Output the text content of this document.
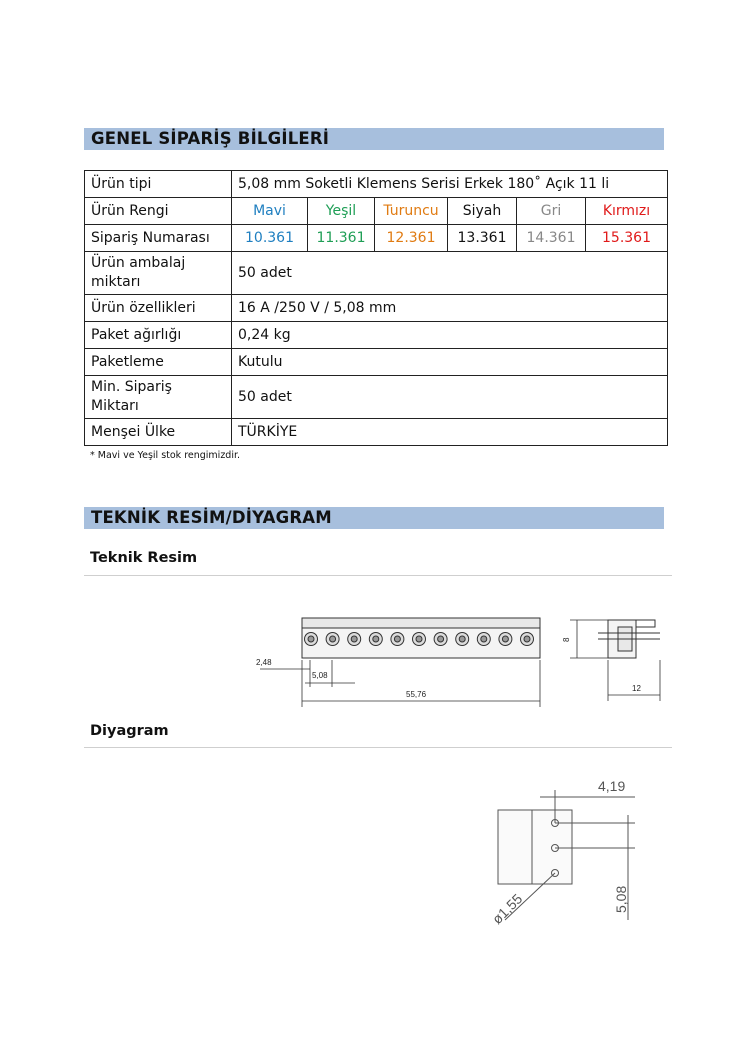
GENEL SİPARİŞ BİLGİLERİ
Ürün tipi	5,08 mm Soketli Klemens Serisi Erkek 180˚ Açık 11 li					
Ürün Rengi	Mavi	Yeşil	Turuncu	Siyah	Gri	Kırmızı
Sipariş Numarası	10.361	11.361	12.361	13.361	14.361	15.361
Ürün ambalaj
miktarı	50 adet					
Ürün özellikleri	16 A /250 V / 5,08 mm					
Paket ağırlığı	0,24 kg					
Paketleme	Kutulu					
Min. Sipariş
Miktarı	50 adet					
Menşei Ülke	TÜRKİYE					
* Mavi ve Yeşil stok rengimizdir.
TEKNİK RESİM/DİYAGRAM
Teknik Resim
2,48
5,08
55,76
8
12
Diyagram
4,19
5,08
ø1,55
